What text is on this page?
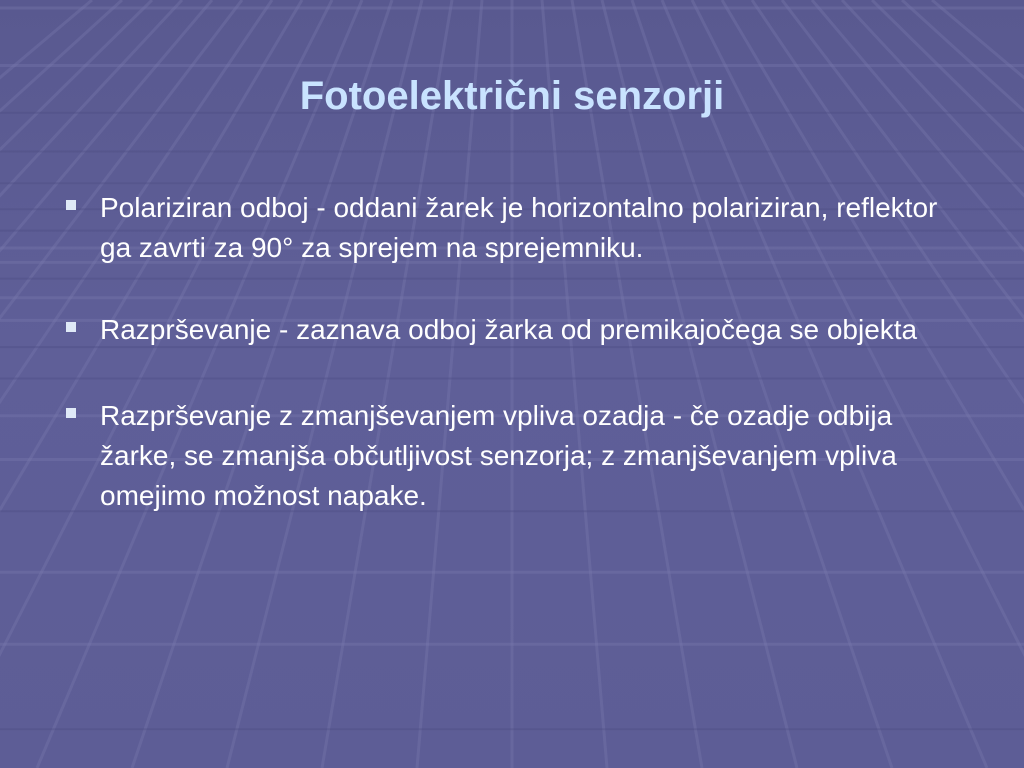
Fotoelektrični senzorji
Polariziran odboj - oddani žarek je horizontalno polariziran, reflektor ga zavrti za 90° za sprejem na sprejemniku.
Razprševanje - zaznava odboj žarka od premikajočega se objekta
Razprševanje z zmanjševanjem vpliva ozadja - če ozadje odbija žarke, se zmanjša občutljivost senzorja; z zmanjševanjem vpliva omejimo možnost napake.
